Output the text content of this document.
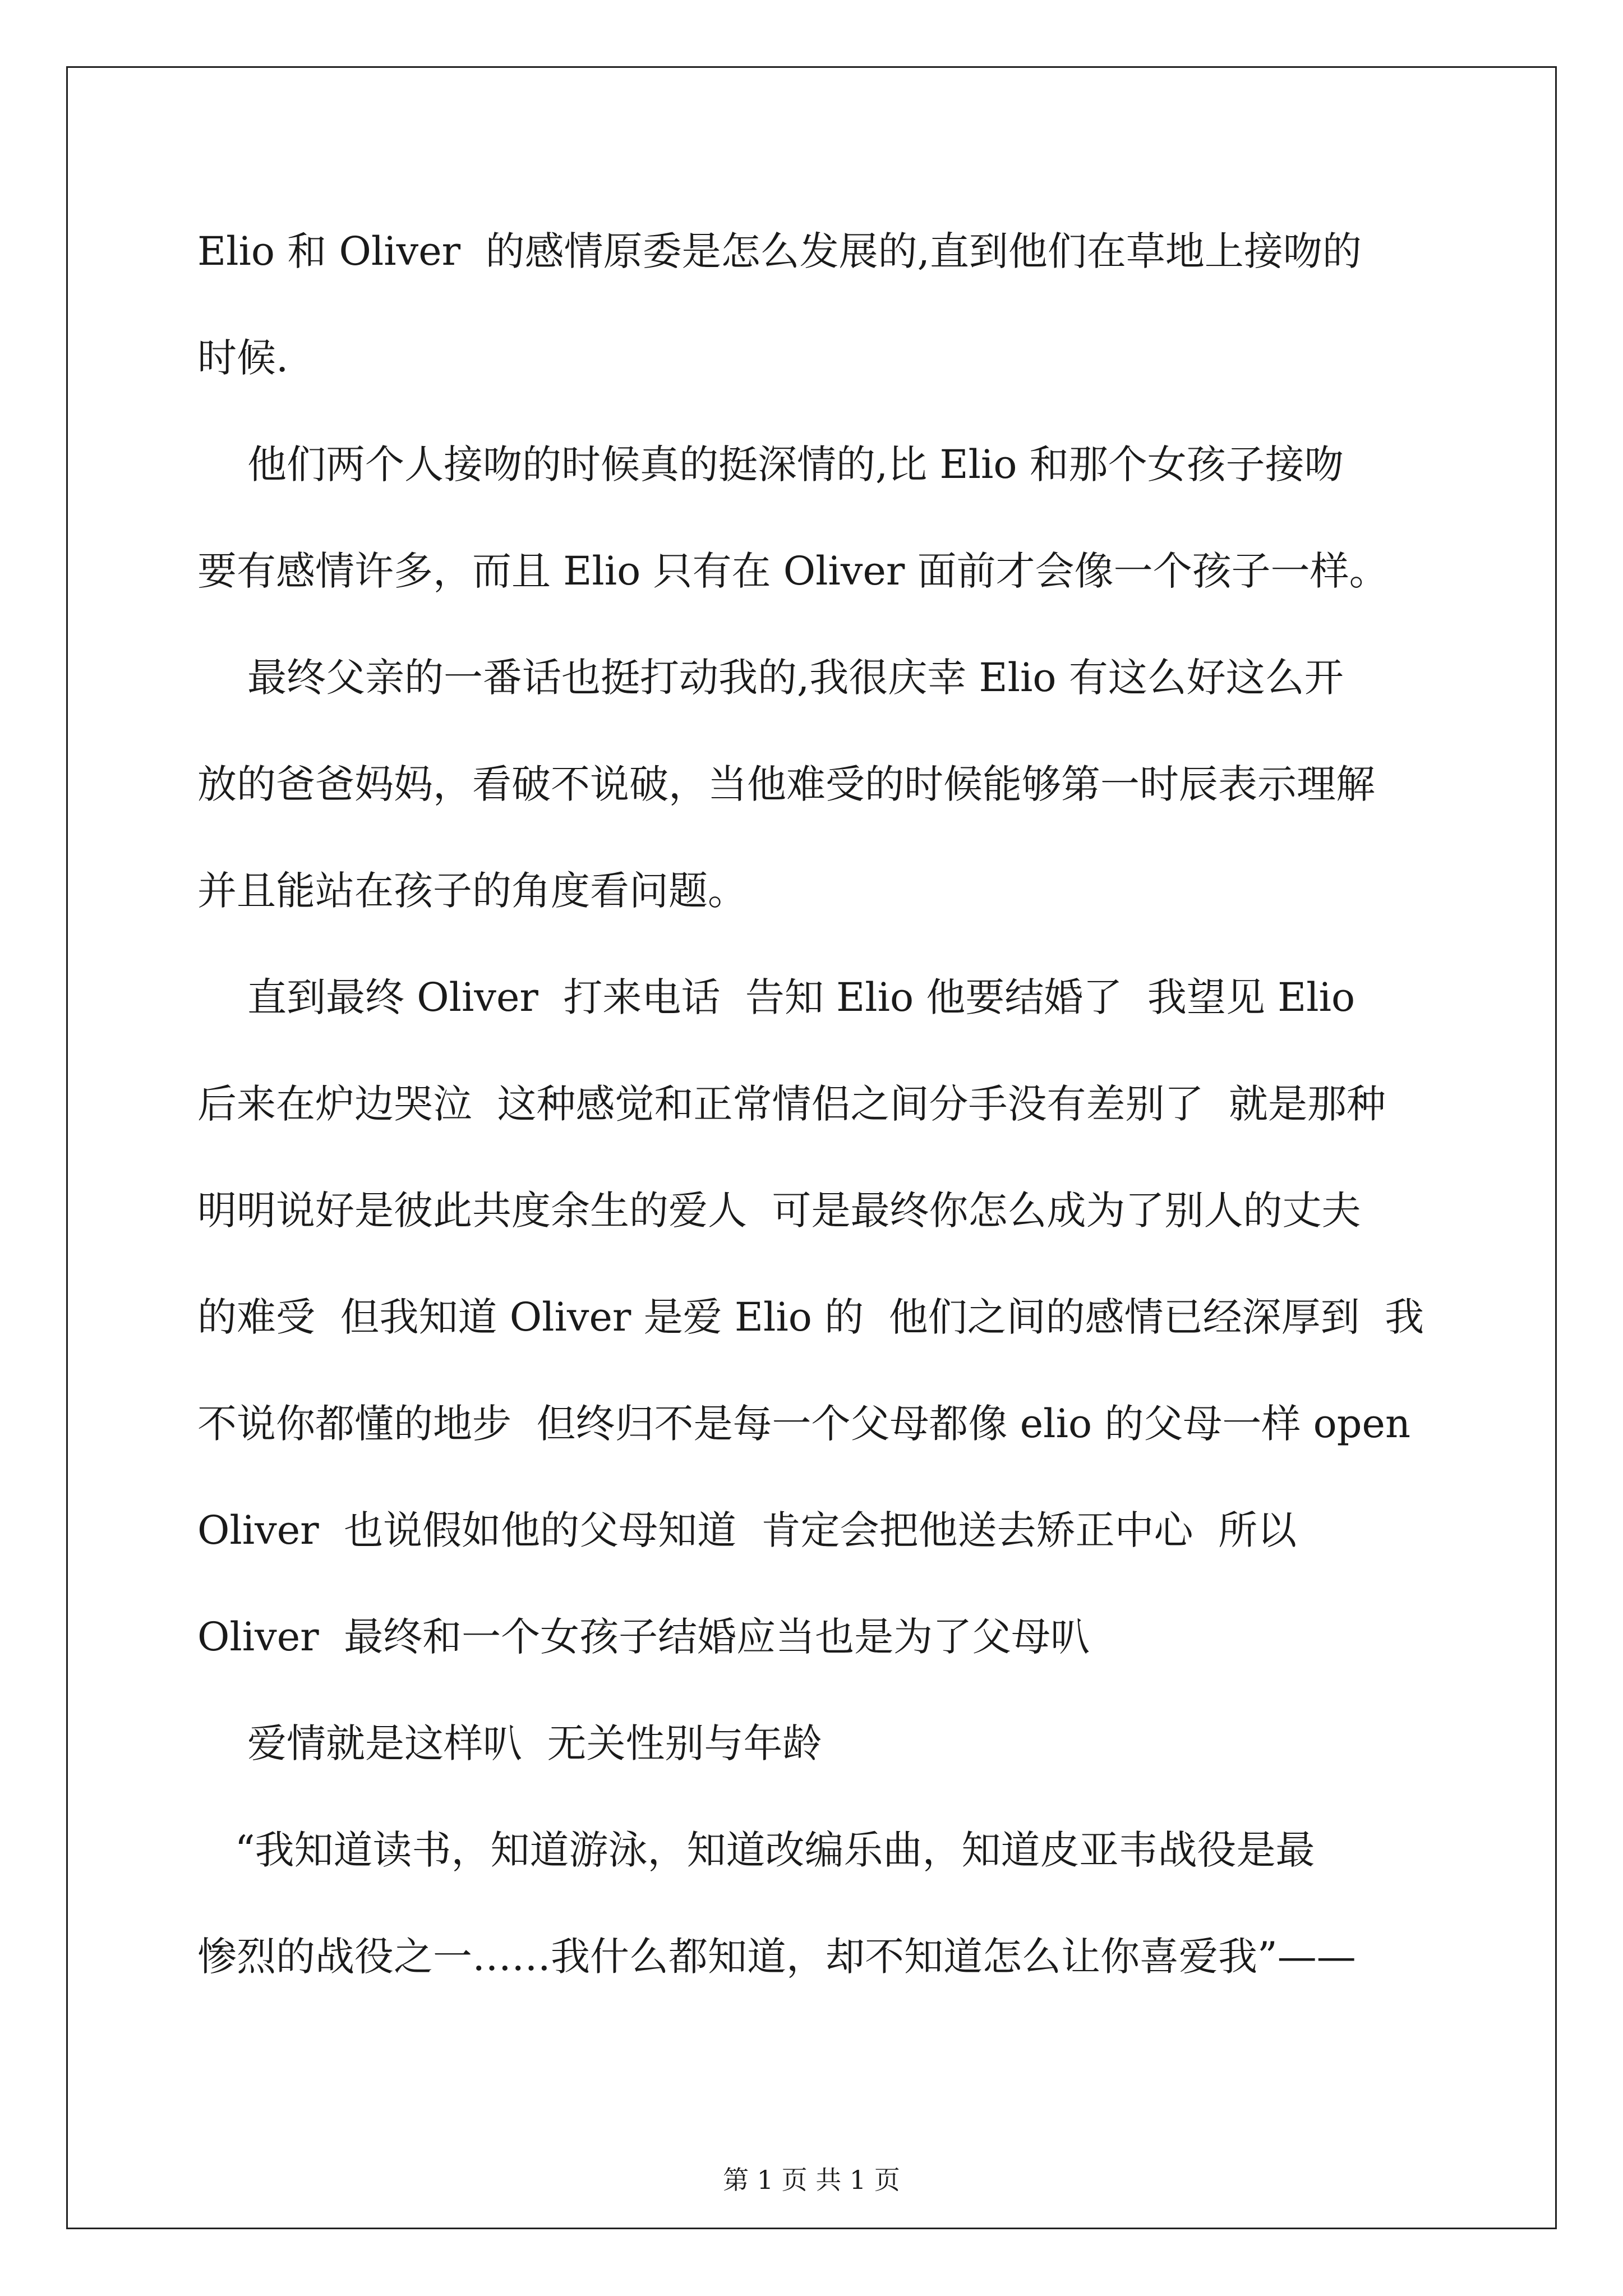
Elio 和 Oliver  的感情原委是怎么发展的,直到他们在草地上接吻的
时候.
他们两个人接吻的时候真的挺深情的,比 Elio 和那个女孩子接吻
要有感情许多，而且 Elio 只有在 Oliver 面前才会像一个孩子一样。
最终父亲的一番话也挺打动我的,我很庆幸 Elio 有这么好这么开
放的爸爸妈妈，看破不说破，当他难受的时候能够第一时辰表示理解
并且能站在孩子的角度看问题。
直到最终 Oliver  打来电话  告知 Elio 他要结婚了  我望见 Elio
后来在炉边哭泣  这种感觉和正常情侣之间分手没有差别了  就是那种
明明说好是彼此共度余生的爱人  可是最终你怎么成为了别人的丈夫
的难受  但我知道 Oliver 是爱 Elio 的  他们之间的感情已经深厚到  我
不说你都懂的地步  但终归不是每一个父母都像 elio 的父母一样 open
Oliver  也说假如他的父母知道  肯定会把他送去矫正中心  所以
Oliver  最终和一个女孩子结婚应当也是为了父母叭
爱情就是这样叭  无关性别与年龄
“我知道读书，知道游泳，知道改编乐曲，知道皮亚韦战役是最
惨烈的战役之一……我什么都知道，却不知道怎么让你喜爱我”——
第 1 页 共 1 页
